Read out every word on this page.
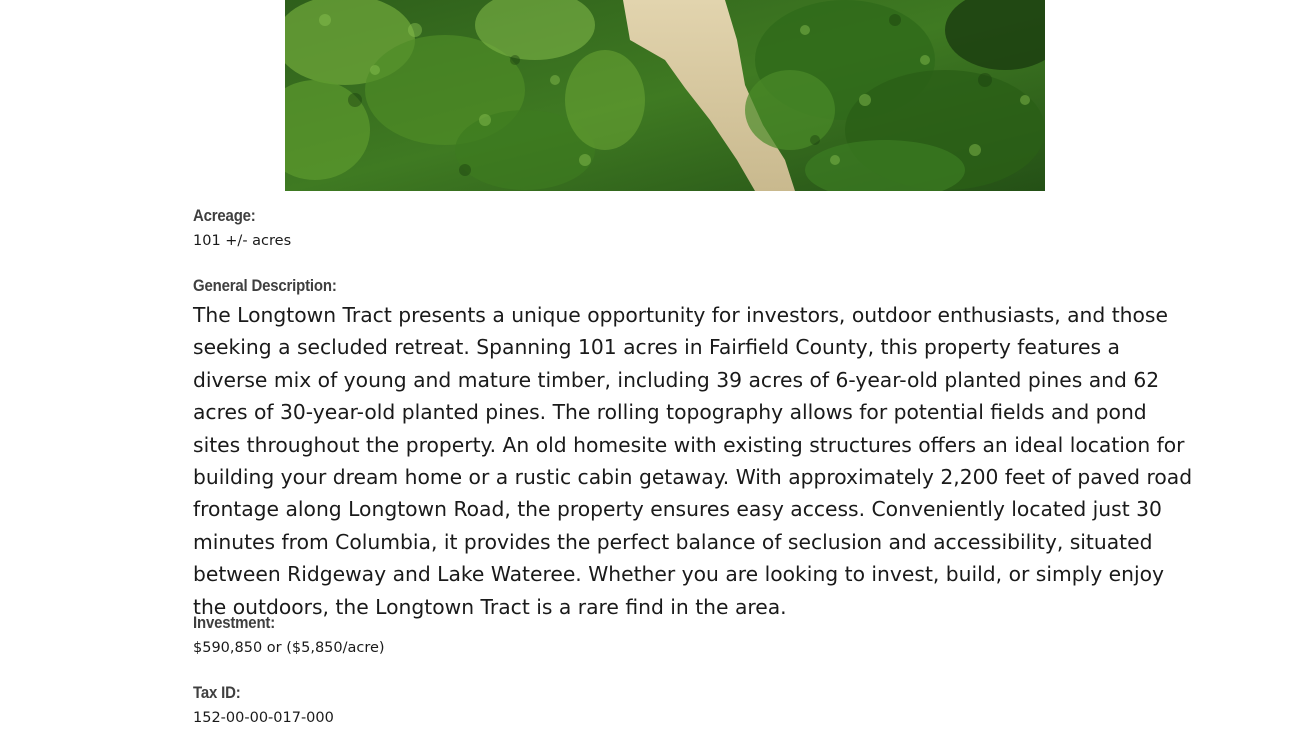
Acreage:
101 +/- acres
General Description:

The Longtown Tract presents a unique opportunity for investors, outdoor enthusiasts, and those seeking a secluded retreat. Spanning 101 acres in Fairfield County, this property features a diverse mix of young and mature timber, including 39 acres of 6-year-old planted pines and 62 acres of 30-year-old planted pines. The rolling topography allows for potential fields and pond sites throughout the property. An old homesite with existing structures offers an ideal location for building your dream home or a rustic cabin getaway. With approximately 2,200 feet of paved road frontage along Longtown Road, the property ensures easy access. Conveniently located just 30 minutes from Columbia, it provides the perfect balance of seclusion and accessibility, situated between Ridgeway and Lake Wateree. Whether you are looking to invest, build, or simply enjoy the outdoors, the Longtown Tract is a rare find in the area.

Investment:
$590,850 or ($5,850/acre)
Tax ID:
152-00-00-017-000
